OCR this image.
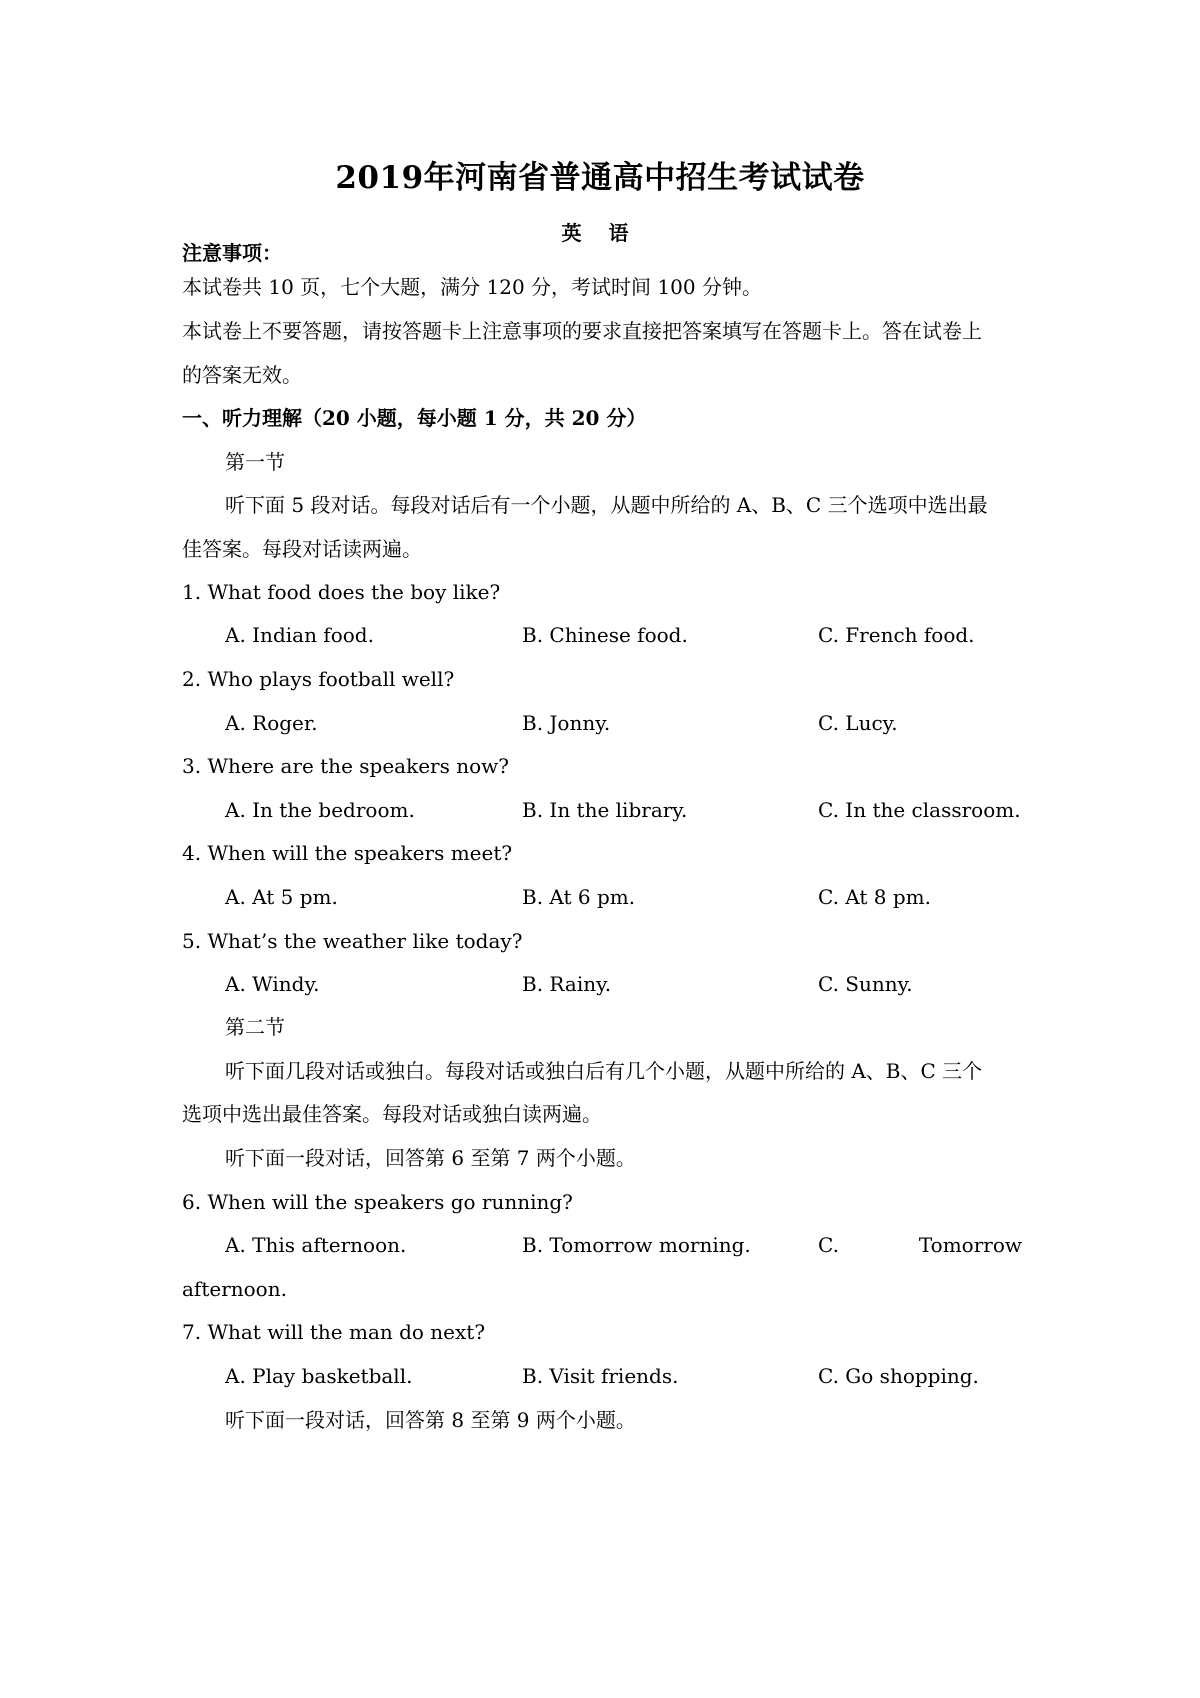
2019年河南省普通高中招生考试试卷
英 语
注意事项：
本试卷共 10 页，七个大题，满分 120 分，考试时间 100 分钟。
本试卷上不要答题，请按答题卡上注意事项的要求直接把答案填写在答题卡上。答在试卷上
的答案无效。
一、听力理解（20 小题，每小题 1 分，共 20 分）
第一节
听下面 5 段对话。每段对话后有一个小题，从题中所给的 A、B、C 三个选项中选出最
佳答案。每段对话读两遍。
1. What food does the boy like?
A. Indian food.	B. Chinese food.	C. French food.
2. Who plays football well?
A. Roger.	B. Jonny.	C. Lucy.
3. Where are the speakers now?
A. In the bedroom.	B. In the library.	C. In the classroom.
4. When will the speakers meet?
A. At 5 pm.	B. At 6 pm.	C. At 8 pm.
5. What’s the weather like today?
A. Windy.	B. Rainy.	C. Sunny.
第二节
听下面几段对话或独白。每段对话或独白后有几个小题，从题中所给的 A、B、C 三个
选项中选出最佳答案。每段对话或独白读两遍。
听下面一段对话，回答第 6 至第 7 两个小题。
6. When will the speakers go running?
A. This afternoon.	B. Tomorrow morning.	C.	Tomorrow
afternoon.
7. What will the man do next?
A. Play basketball.	B. Visit friends.	C. Go shopping.
听下面一段对话，回答第 8 至第 9 两个小题。
